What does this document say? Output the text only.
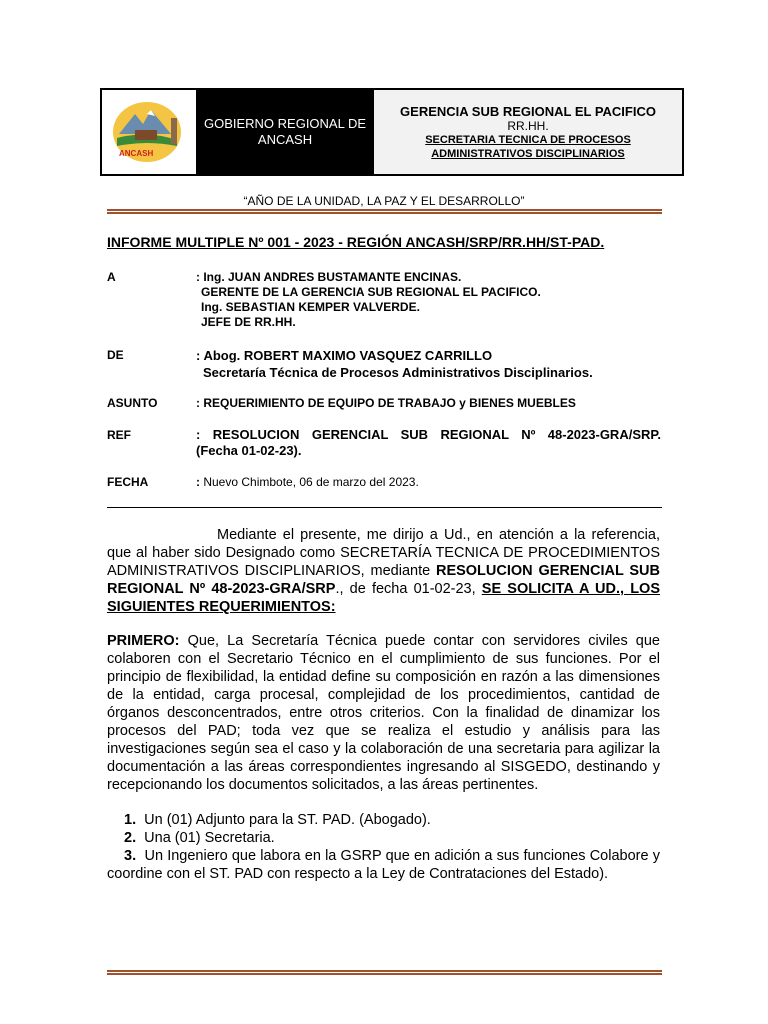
ANCASH
GOBIERNO REGIONAL DE ANCASH
GERENCIA SUB REGIONAL EL PACIFICO
RR.HH.
SECRETARIA TECNICA DE PROCESOS
ADMINISTRATIVOS DISCIPLINARIOS
“AÑO DE LA UNIDAD, LA PAZ Y EL DESARROLLO”
INFORME MULTIPLE Nº 001 - 2023 - REGIÓN ANCASH/SRP/RR.HH/ST-PAD.
A	: Ing. JUAN ANDRES BUSTAMANTE ENCINAS.
GERENTE DE LA GERENCIA SUB REGIONAL EL PACIFICO.
Ing. SEBASTIAN KEMPER VALVERDE.
JEFE DE RR.HH.
DE	: Abog. ROBERT MAXIMO VASQUEZ CARRILLO
Secretaría Técnica de Procesos Administrativos Disciplinarios.
ASUNTO	: REQUERIMIENTO DE EQUIPO DE TRABAJO y BIENES MUEBLES
REF	: RESOLUCION GERENCIAL SUB REGIONAL Nº 48-2023-GRA/SRP.
(Fecha 01-02-23).
FECHA	: Nuevo Chimbote, 06 de marzo del 2023.
Mediante el presente, me dirijo a Ud., en atención a la referencia, que al haber sido Designado como SECRETARÍA TECNICA DE PROCEDIMIENTOS ADMINISTRATIVOS DISCIPLINARIOS, mediante RESOLUCION GERENCIAL SUB REGIONAL Nº 48-2023-GRA/SRP., de fecha 01-02-23, SE SOLICITA A UD., LOS SIGUIENTES REQUERIMIENTOS:
PRIMERO: Que, La Secretaría Técnica puede contar con servidores civiles que colaboren con el Secretario Técnico en el cumplimiento de sus funciones. Por el principio de flexibilidad, la entidad define su composición en razón a las dimensiones de la entidad, carga procesal, complejidad de los procedimientos, cantidad de órganos desconcentrados, entre otros criterios. Con la finalidad de dinamizar los procesos del PAD; toda vez que se realiza el estudio y análisis para las investigaciones según sea el caso y la colaboración de una secretaria para agilizar la documentación a las áreas correspondientes ingresando al SISGEDO, destinando y recepcionando los documentos solicitados, a las áreas pertinentes.
1. Un (01) Adjunto para la ST. PAD. (Abogado).
2. Una (01) Secretaria.
3. Un Ingeniero que labora en la GSRP que en adición a sus funciones Colabore y coordine con el ST. PAD con respecto a la Ley de Contrataciones del Estado).
